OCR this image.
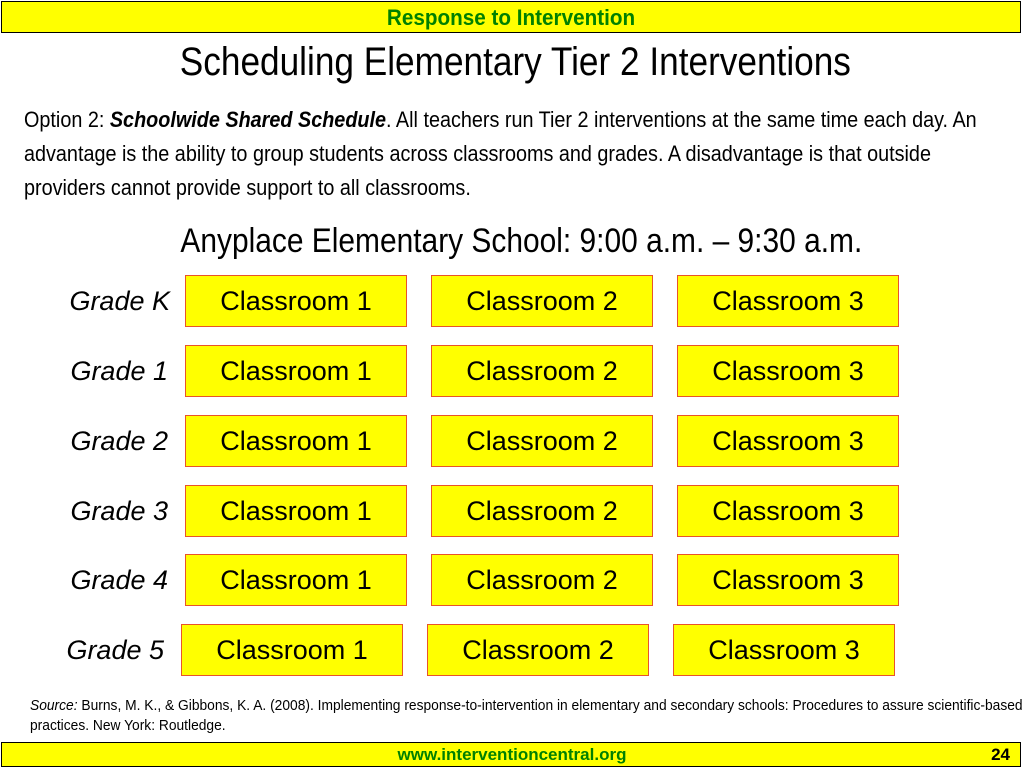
Response to Intervention
Scheduling Elementary Tier 2 Interventions
Option 2: Schoolwide Shared Schedule. All teachers run Tier 2 interventions at the same time each day. An advantage is the ability to group students across classrooms and grades. A disadvantage is that outside providers cannot provide support to all classrooms.
Anyplace Elementary School: 9:00 a.m. – 9:30 a.m.
Grade K	Classroom 1	Classroom 2	Classroom 3
Grade 1	Classroom 1	Classroom 2	Classroom 3
Grade 2	Classroom 1	Classroom 2	Classroom 3
Grade 3	Classroom 1	Classroom 2	Classroom 3
Grade 4	Classroom 1	Classroom 2	Classroom 3
Grade 5	Classroom 1	Classroom 2	Classroom 3
Source: Burns, M. K., & Gibbons, K. A. (2008). Implementing response-to-intervention in elementary and secondary schools: Procedures to assure scientific-based practices. New York: Routledge.
www.interventioncentral.org	24
